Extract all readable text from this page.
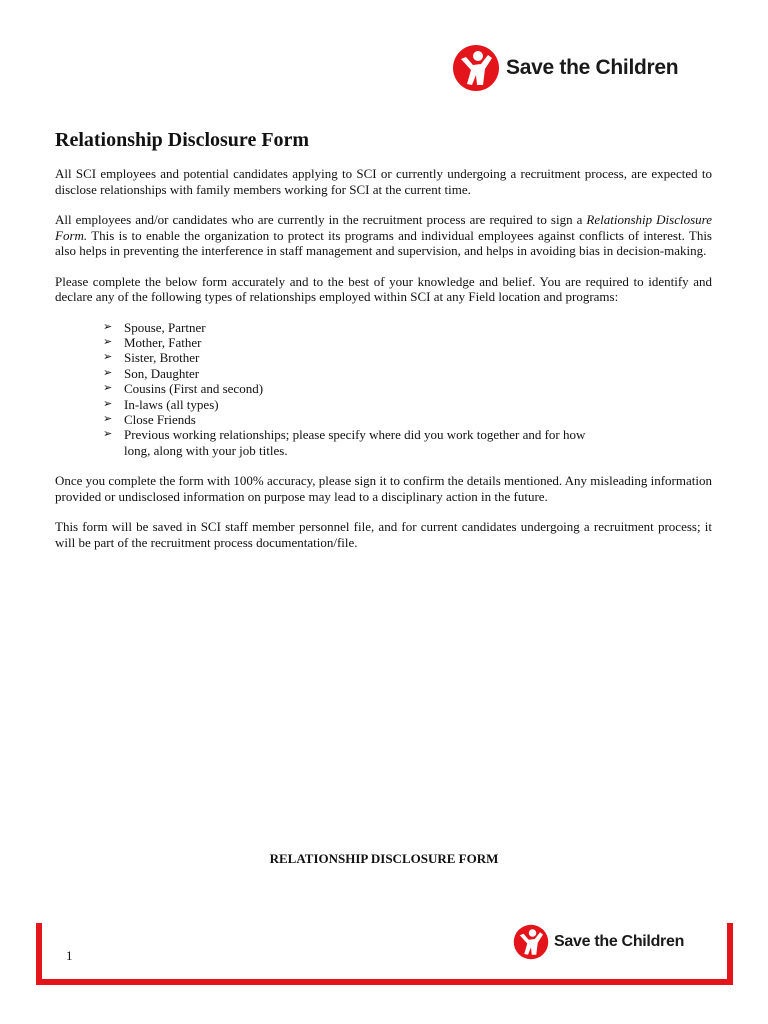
Save the Children
Relationship Disclosure Form

All SCI employees and potential candidates applying to SCI or currently undergoing a recruitment process, are expected to disclose relationships with family members working for SCI at the current time.

All employees and/or candidates who are currently in the recruitment process are required to sign a Relationship Disclosure Form. This is to enable the organization to protect its programs and individual employees against conflicts of interest. This also helps in preventing the interference in staff management and supervision, and helps in avoiding bias in decision-making.

Please complete the below form accurately and to the best of your knowledge and belief. You are required to identify and declare any of the following types of relationships employed within SCI at any Field location and programs:

➢ Spouse, Partner
➢ Mother, Father
➢ Sister, Brother
➢ Son, Daughter
➢ Cousins (First and second)
➢ In-laws (all types)
➢ Close Friends
➢ Previous working relationships; please specify where did you work together and for how long, along with your job titles.

Once you complete the form with 100% accuracy, please sign it to confirm the details mentioned. Any misleading information provided or undisclosed information on purpose may lead to a disciplinary action in the future.

This form will be saved in SCI staff member personnel file, and for current candidates undergoing a recruitment process; it will be part of the recruitment process documentation/file.

RELATIONSHIP DISCLOSURE FORM
1
Save the Children
